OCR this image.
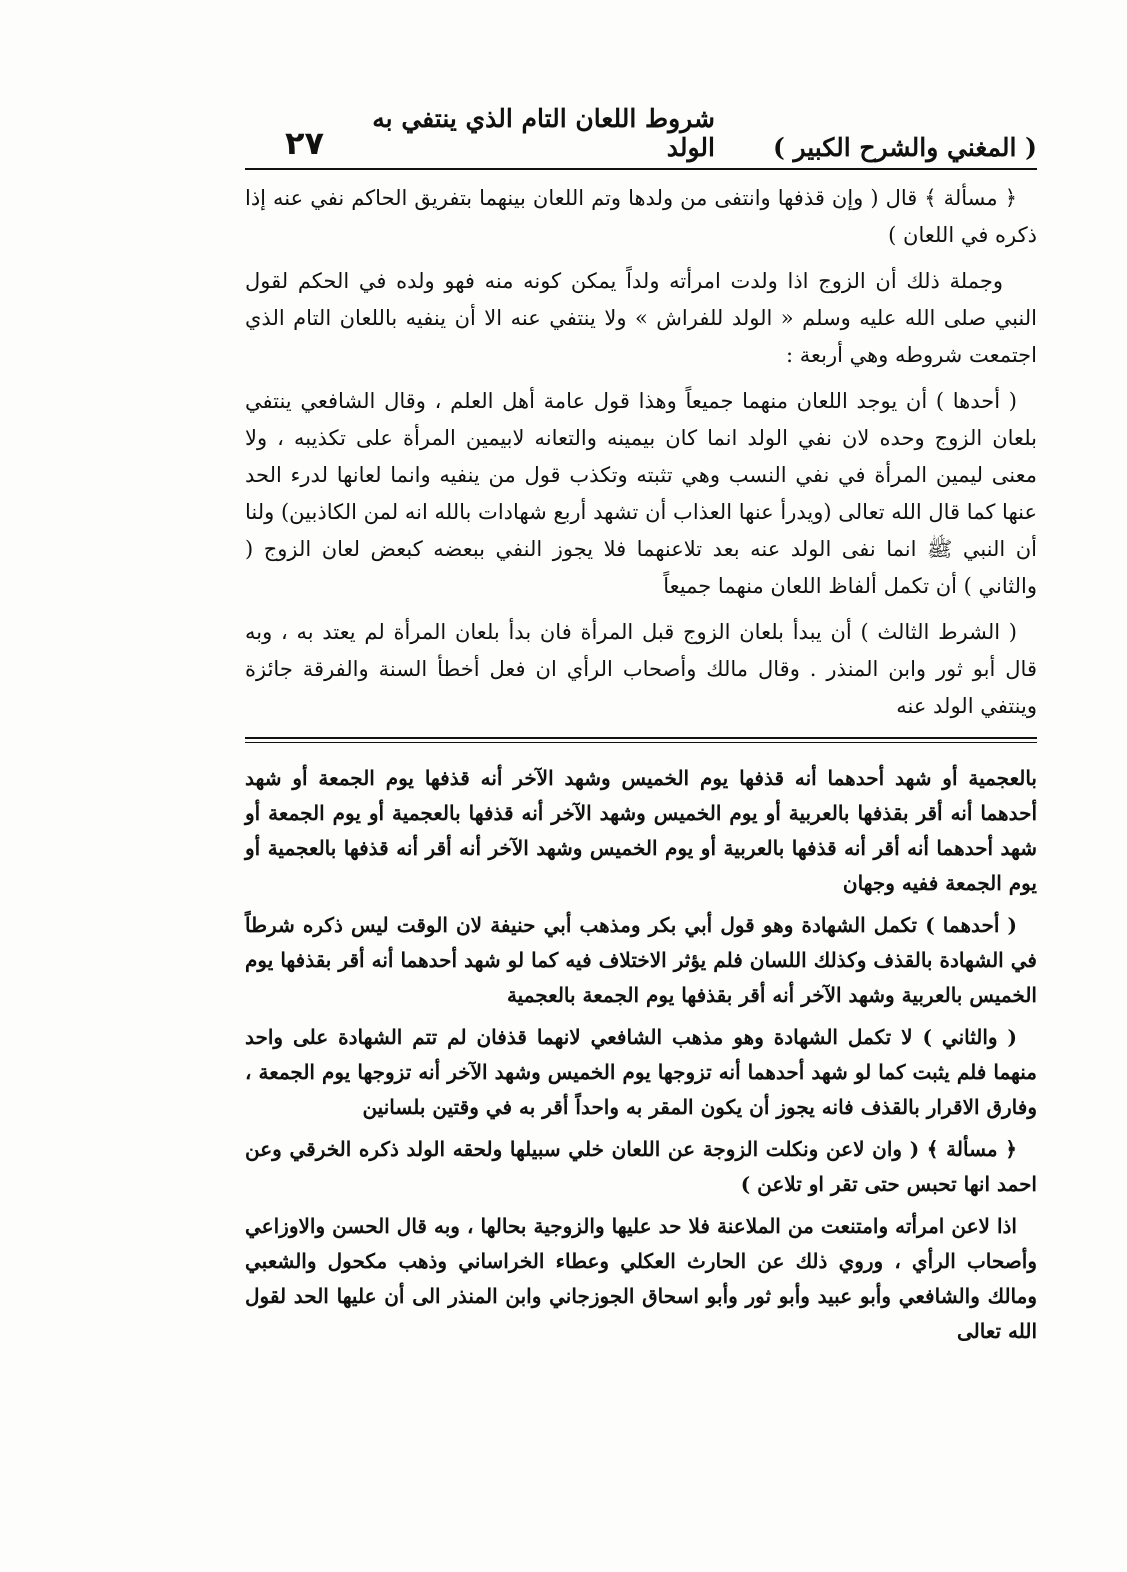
( المغني والشرح الكبير )
شروط اللعان التام الذي ينتفي به الولد
٢٧

﴿ مسألة ﴾ قال ( وإن قذفها وانتفى من ولدها وتم اللعان بينهما بتفريق الحاكم نفي عنه إذا ذكره في اللعان )

وجملة ذلك أن الزوج اذا ولدت امرأته ولداً يمكن كونه منه فهو ولده في الحكم لقول النبي صلى الله عليه وسلم « الولد للفراش » ولا ينتفي عنه الا أن ينفيه باللعان التام الذي اجتمعت شروطه وهي أربعة :

( أحدها ) أن يوجد اللعان منهما جميعاً وهذا قول عامة أهل العلم ، وقال الشافعي ينتفي بلعان الزوج وحده لان نفي الولد انما كان بيمينه والتعانه لابيمين المرأة على تكذيبه ، ولا معنى ليمين المرأة في نفي النسب وهي تثبته وتكذب قول من ينفيه وانما لعانها لدرء الحد عنها كما قال الله تعالى (ويدرأ عنها العذاب أن تشهد أربع شهادات بالله انه لمن الكاذبين) ولنا أن النبي ﷺ انما نفى الولد عنه بعد تلاعنهما فلا يجوز النفي ببعضه كبعض لعان الزوج ( والثاني ) أن تكمل ألفاظ اللعان منهما جميعاً

( الشرط الثالث ) أن يبدأ بلعان الزوج قبل المرأة فان بدأ بلعان المرأة لم يعتد به ، وبه قال أبو ثور وابن المنذر . وقال مالك وأصحاب الرأي ان فعل أخطأ السنة والفرقة جائزة وينتفي الولد عنه

بالعجمية أو شهد أحدهما أنه قذفها يوم الخميس وشهد الآخر أنه قذفها يوم الجمعة أو شهد أحدهما أنه أقر بقذفها بالعربية أو يوم الخميس وشهد الآخر أنه قذفها بالعجمية أو يوم الجمعة أو شهد أحدهما أنه أقر أنه قذفها بالعربية أو يوم الخميس وشهد الآخر أنه أقر أنه قذفها بالعجمية أو يوم الجمعة ففيه وجهان

( أحدهما ) تكمل الشهادة وهو قول أبي بكر ومذهب أبي حنيفة لان الوقت ليس ذكره شرطاً في الشهادة بالقذف وكذلك اللسان فلم يؤثر الاختلاف فيه كما لو شهد أحدهما أنه أقر بقذفها يوم الخميس بالعربية وشهد الآخر أنه أقر بقذفها يوم الجمعة بالعجمية

( والثاني ) لا تكمل الشهادة وهو مذهب الشافعي لانهما قذفان لم تتم الشهادة على واحد منهما فلم يثبت كما لو شهد أحدهما أنه تزوجها يوم الخميس وشهد الآخر أنه تزوجها يوم الجمعة ، وفارق الاقرار بالقذف فانه يجوز أن يكون المقر به واحداً أقر به في وقتين بلسانين

﴿ مسألة ﴾ ( وان لاعن ونكلت الزوجة عن اللعان خلي سبيلها ولحقه الولد ذكره الخرقي وعن احمد انها تحبس حتى تقر او تلاعن )

اذا لاعن امرأته وامتنعت من الملاعنة فلا حد عليها والزوجية بحالها ، وبه قال الحسن والاوزاعي وأصحاب الرأي ، وروي ذلك عن الحارث العكلي وعطاء الخراساني وذهب مكحول والشعبي ومالك والشافعي وأبو عبيد وأبو ثور وأبو اسحاق الجوزجاني وابن المنذر الى أن عليها الحد لقول الله تعالى
